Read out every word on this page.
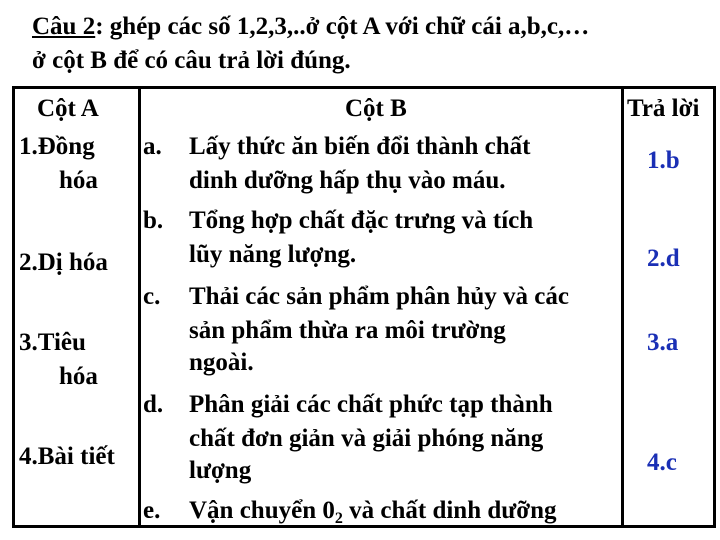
Câu 2: ghép các số 1,2,3,..ở cột A với chữ cái a,b,c,…
ở cột B để có câu trả lời đúng.
Cột A	Cột B	Trả lời
1.Đồng
hóa
2.Dị hóa
3.Tiêu
hóa
4.Bài tiết
a. Lấy thức ăn biến đổi thành chất
dinh dưỡng hấp thụ vào máu.
b. Tổng hợp chất đặc trưng và tích
lũy năng lượng.
c. Thải các sản phẩm phân hủy và các
sản phẩm thừa ra môi trường
ngoài.
d. Phân giải các chất phức tạp thành
chất đơn giản và giải phóng năng
lượng
e. Vận chuyển $0_2$ và chất dinh dưỡng
1.b
2.d
3.a
4.c
